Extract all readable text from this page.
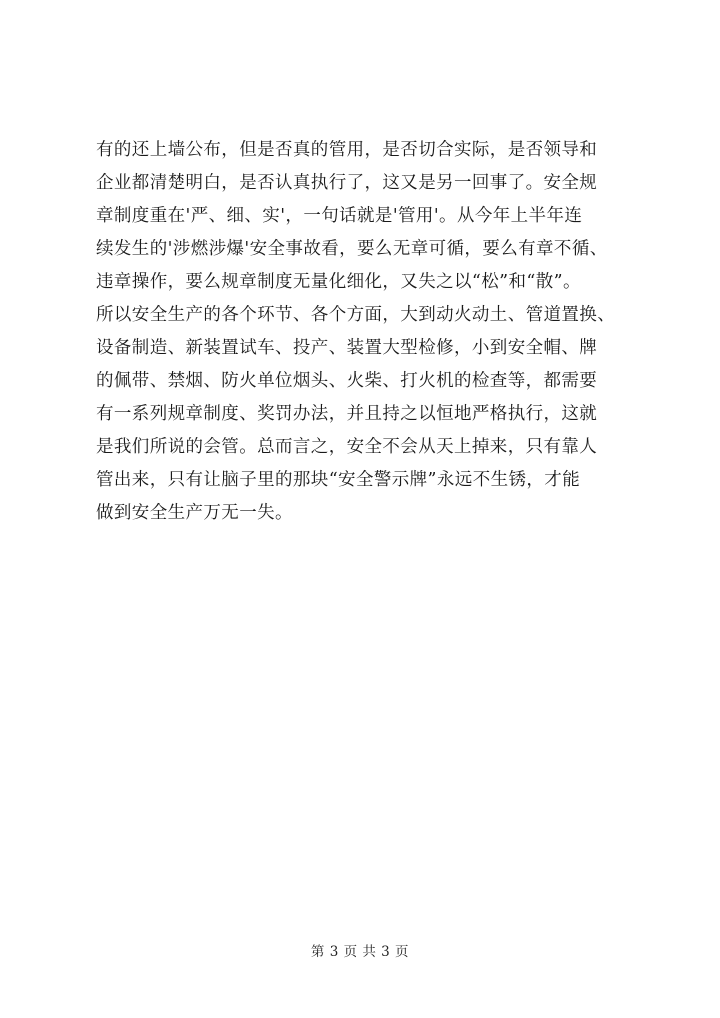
有的还上墙公布，但是否真的管用，是否切合实际，是否领导和
企业都清楚明白，是否认真执行了，这又是另一回事了。安全规
章制度重在'严、细、实'，一句话就是'管用'。从今年上半年连
续发生的'涉燃涉爆'安全事故看，要么无章可循，要么有章不循、
违章操作，要么规章制度无量化细化，又失之以“松”和“散”。
所以安全生产的各个环节、各个方面，大到动火动土、管道置换、
设备制造、新装置试车、投产、装置大型检修，小到安全帽、牌
的佩带、禁烟、防火单位烟头、火柴、打火机的检查等，都需要
有一系列规章制度、奖罚办法，并且持之以恒地严格执行，这就
是我们所说的会管。总而言之，安全不会从天上掉来，只有靠人
管出来，只有让脑子里的那块“安全警示牌”永远不生锈，才能
做到安全生产万无一失。
第 3 页 共 3 页
